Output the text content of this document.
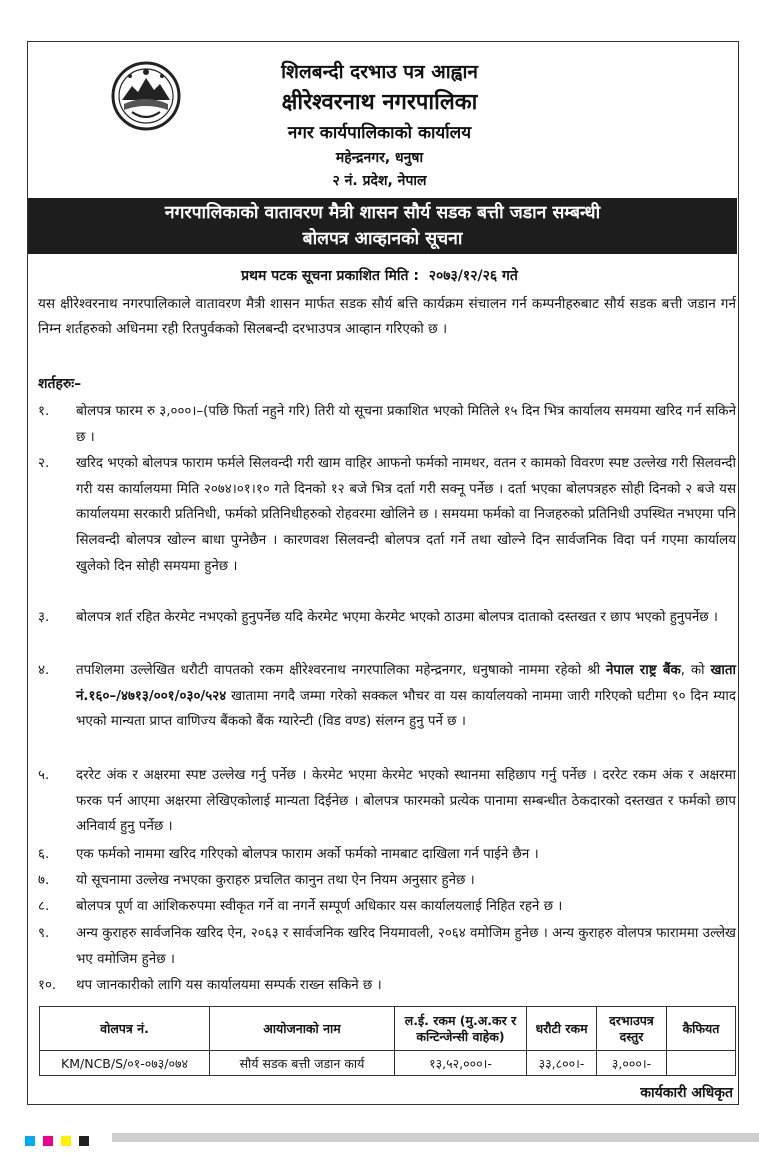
शिलबन्दी दरभाउ पत्र आह्वान
क्षीरेश्वरनाथ नगरपालिका
नगर कार्यपालिकाको कार्यालय
महेन्द्रनगर, धनुषा
२ नं. प्रदेश, नेपाल
नगरपालिकाको वातावरण मैत्री शासन सौर्य सडक बत्ती जडान सम्बन्धी
बोलपत्र आव्हानको सूचना
प्रथम पटक सूचना प्रकाशित मिति : २०७३/१२/२६ गते
यस क्षीरेश्वरनाथ नगरपालिकाले वातावरण मैत्री शासन मार्फत सडक सौर्य बत्ति कार्यक्रम संचालन गर्न कम्पनीहरुबाट सौर्य सडक बत्ती जडान गर्न निम्न शर्तहरुको अधिनमा रही रितपुर्वकको सिलबन्दी दरभाउपत्र आव्हान गरिएको छ ।
शर्तहरुः–
१.	बोलपत्र फारम रु ३,०००।–(पछि फिर्ता नहुने गरि) तिरी यो सूचना प्रकाशित भएको मितिले १५ दिन भित्र कार्यालय समयमा खरिद गर्न सकिने छ ।
२.	खरिद भएको बोलपत्र फाराम फर्मले सिलवन्दी गरी खाम वाहिर आफनो फर्मको नामथर, वतन र कामको विवरण स्पष्ट उल्लेख गरी सिलवन्दी गरी यस कार्यालयमा मिति २०७४।०१।१० गते दिनको १२ बजे भित्र दर्ता गरी सक्नू पर्नेछ । दर्ता भएका बोलपत्रहरु सोही दिनको २ बजे यस कार्यालयमा सरकारी प्रतिनिधी, फर्मको प्रतिनिधीहरुको रोहवरमा खोलिने छ । समयमा फर्मको वा निजहरुको प्रतिनिधी उपस्थित नभएमा पनि सिलवन्दी बोलपत्र खोल्न बाधा पुग्नेछैन । कारणवश सिलवन्दी बोलपत्र दर्ता गर्ने तथा खोल्ने दिन सार्वजनिक विदा पर्न गएमा कार्यालय खुलेको दिन सोही समयमा हुनेछ ।
३.	बोलपत्र शर्त रहित केरमेट नभएको हुनुपर्नेछ यदि केरमेट भएमा केरमेट भएको ठाउमा बोलपत्र दाताको दस्तखत र छाप भएको हुनुपर्नेछ ।
४.	तपशिलमा उल्लेखित धरौटी वापतको रकम क्षीरेश्वरनाथ नगरपालिका महेन्द्रनगर, धनुषाको नाममा रहेको श्री नेपाल राष्ट्र बैंक, को खाता नं.१६०–/४७१३/००१/०३०/५२४ खातामा नगदै जम्मा गरेको सक्कल भौचर वा यस कार्यालयको नाममा जारी गरिएको घटीमा ९० दिन म्याद भएको मान्यता प्राप्त वाणिज्य बैंकको बैंक ग्यारेन्टी (विड वण्ड) संलग्न हुनु पर्ने छ ।
५.	दररेट अंक र अक्षरमा स्पष्ट उल्लेख गर्नु पर्नेछ । केरमेट भएमा केरमेट भएको स्थानमा सहिछाप गर्नु पर्नेछ । दररेट रकम अंक र अक्षरमा फरक पर्न आएमा अक्षरमा लेखिएकोलाई मान्यता दिईनेछ । बोलपत्र फारमको प्रत्येक पानामा सम्बन्धीत ठेकदारको दस्तखत र फर्मको छाप अनिवार्य हुनु पर्नेछ ।
६.	एक फर्मको नाममा खरिद गरिएको बोलपत्र फाराम अर्को फर्मको नामबाट दाखिला गर्न पाईने छैन ।
७.	यो सूचनामा उल्लेख नभएका कुराहरु प्रचलित कानुन तथा ऐन नियम अनुसार हुनेछ ।
८.	बोलपत्र पूर्ण वा आंशिकरुपमा स्वीकृत गर्ने वा नगर्ने सम्पूर्ण अधिकार यस कार्यालयलाई निहित रहने छ ।
९.	अन्य कुराहरु सार्वजनिक खरिद ऐन, २०६३ र सार्वजनिक खरिद नियमावली, २०६४ वमोजिम हुनेछ । अन्य कुराहरु वोलपत्र फाराममा उल्लेख भए वमोजिम हुनेछ ।
१०.	थप जानकारीको लागि यस कार्यालयमा सम्पर्क राख्न सकिने छ ।
वोलपत्र नं.	आयोजनाको नाम	ल.ई. रकम (मु.अ.कर र कन्टिन्जेन्सी वाहेक)	धरौटी रकम	दरभाउपत्र दस्तुर	कैफियत
KM/NCB/S/०१-०७३/०७४	सौर्य सडक बत्ती जडान कार्य	१३,५२,०००।-	३३,८००।-	३,०००।-	
कार्यकारी अधिकृत
